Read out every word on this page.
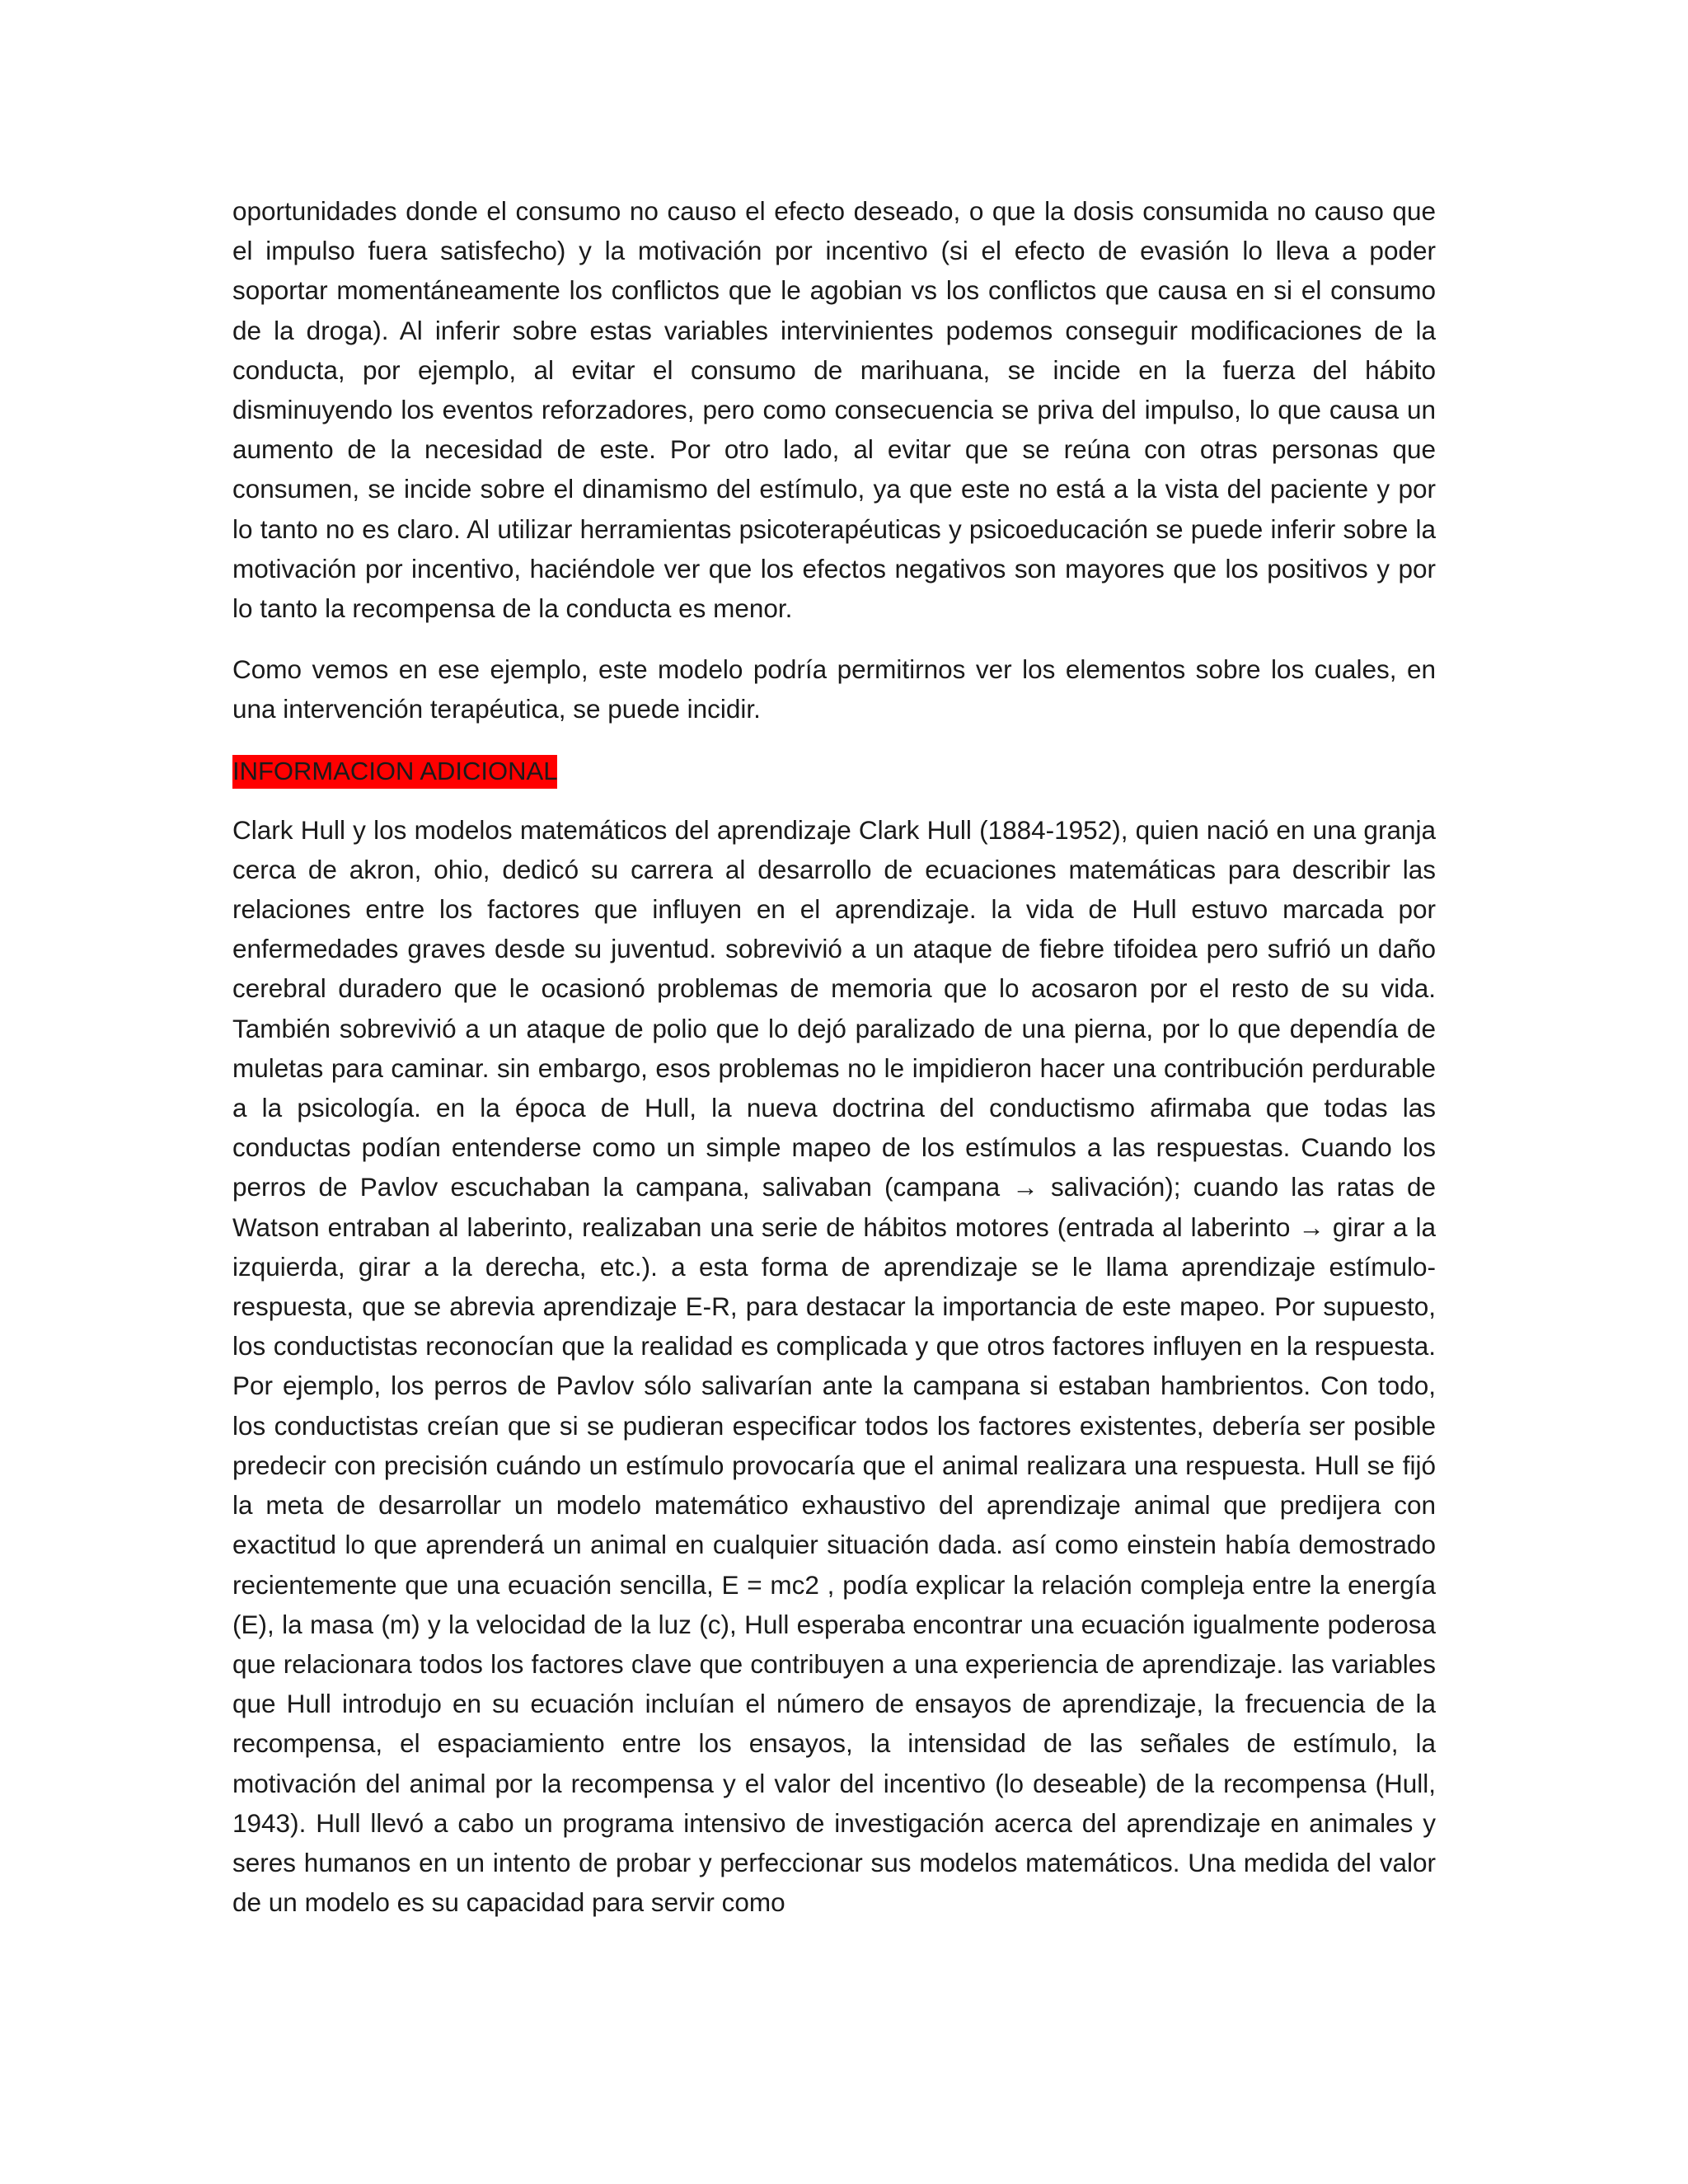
oportunidades donde el consumo no causo el efecto deseado, o que la dosis consumida no causo que el impulso fuera satisfecho) y la motivación por incentivo (si el efecto de evasión lo lleva a poder soportar momentáneamente los conflictos que le agobian vs los conflictos que causa en si el consumo de la droga). Al inferir sobre estas variables intervinientes podemos conseguir modificaciones de la conducta, por ejemplo, al evitar el consumo de marihuana, se incide en la fuerza del hábito disminuyendo los eventos reforzadores, pero como consecuencia se priva del impulso, lo que causa un aumento de la necesidad de este. Por otro lado, al evitar que se reúna con otras personas que consumen, se incide sobre el dinamismo del estímulo, ya que este no está a la vista del paciente y por lo tanto no es claro. Al utilizar herramientas psicoterapéuticas y psicoeducación se puede inferir sobre la motivación por incentivo, haciéndole ver que los efectos negativos son mayores que los positivos y por lo tanto la recompensa de la conducta es menor.

Como vemos en ese ejemplo, este modelo podría permitirnos ver los elementos sobre los cuales, en una intervención terapéutica, se puede incidir.

INFORMACION ADICIONAL

Clark Hull y los modelos matemáticos del aprendizaje Clark Hull (1884-1952), quien nació en una granja cerca de akron, ohio, dedicó su carrera al desarrollo de ecuaciones matemáticas para describir las relaciones entre los factores que influyen en el aprendizaje. la vida de Hull estuvo marcada por enfermedades graves desde su juventud. sobrevivió a un ataque de fiebre tifoidea pero sufrió un daño cerebral duradero que le ocasionó problemas de memoria que lo acosaron por el resto de su vida. También sobrevivió a un ataque de polio que lo dejó paralizado de una pierna, por lo que dependía de muletas para caminar. sin embargo, esos problemas no le impidieron hacer una contribución perdurable a la psicología. en la época de Hull, la nueva doctrina del conductismo afirmaba que todas las conductas podían entenderse como un simple mapeo de los estímulos a las respuestas. Cuando los perros de Pavlov escuchaban la campana, salivaban (campana → salivación); cuando las ratas de Watson entraban al laberinto, realizaban una serie de hábitos motores (entrada al laberinto → girar a la izquierda, girar a la derecha, etc.). a esta forma de aprendizaje se le llama aprendizaje estímulo-respuesta, que se abrevia aprendizaje E-R, para destacar la importancia de este mapeo. Por supuesto, los conductistas reconocían que la realidad es complicada y que otros factores influyen en la respuesta. Por ejemplo, los perros de Pavlov sólo salivarían ante la campana si estaban hambrientos. Con todo, los conductistas creían que si se pudieran especificar todos los factores existentes, debería ser posible predecir con precisión cuándo un estímulo provocaría que el animal realizara una respuesta. Hull se fijó la meta de desarrollar un modelo matemático exhaustivo del aprendizaje animal que predijera con exactitud lo que aprenderá un animal en cualquier situación dada. así como einstein había demostrado recientemente que una ecuación sencilla, E = mc2 , podía explicar la relación compleja entre la energía (E), la masa (m) y la velocidad de la luz (c), Hull esperaba encontrar una ecuación igualmente poderosa que relacionara todos los factores clave que contribuyen a una experiencia de aprendizaje. las variables que Hull introdujo en su ecuación incluían el número de ensayos de aprendizaje, la frecuencia de la recompensa, el espaciamiento entre los ensayos, la intensidad de las señales de estímulo, la motivación del animal por la recompensa y el valor del incentivo (lo deseable) de la recompensa (Hull, 1943). Hull llevó a cabo un programa intensivo de investigación acerca del aprendizaje en animales y seres humanos en un intento de probar y perfeccionar sus modelos matemáticos. Una medida del valor de un modelo es su capacidad para servir como
